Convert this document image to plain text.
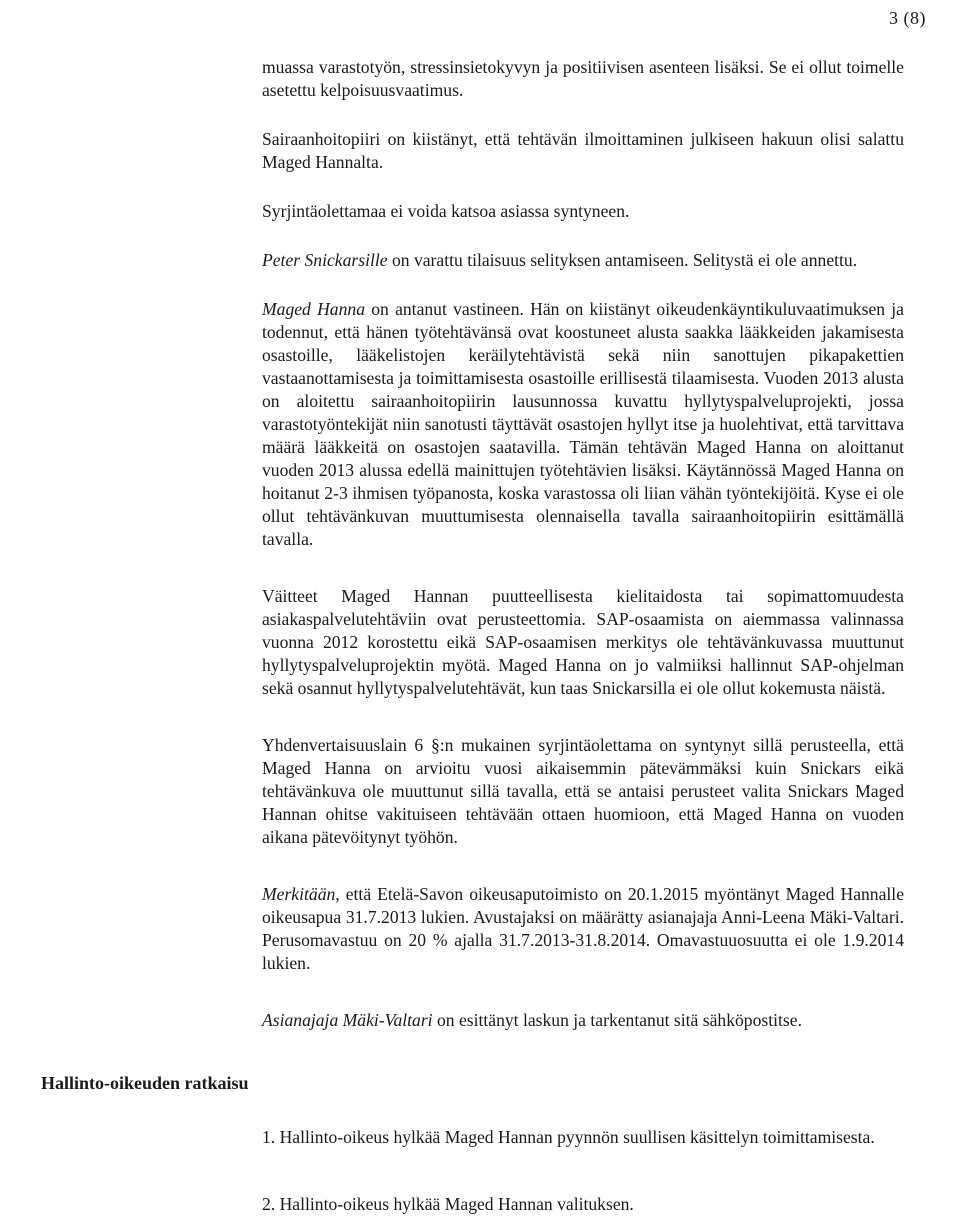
3 (8)

muassa varastotyön, stressinsietokyvyn ja positiivisen asenteen lisäksi. Se ei ollut toimelle asetettu kelpoisuusvaatimus.

Sairaanhoitopiiri on kiistänyt, että tehtävän ilmoittaminen julkiseen hakuun olisi salattu Maged Hannalta.

Syrjintäolettamaa ei voida katsoa asiassa syntyneen.

Peter Snickarsille on varattu tilaisuus selityksen antamiseen. Selitystä ei ole annettu.

Maged Hanna on antanut vastineen. Hän on kiistänyt oikeudenkäyntikuluvaatimuksen ja todennut, että hänen työtehtävänsä ovat koostuneet alusta saakka lääkkeiden jakamisesta osastoille, lääkelistojen keräilytehtävistä sekä niin sanottujen pikapakettien vastaanottamisesta ja toimittamisesta osastoille erillisestä tilaamisesta. Vuoden 2013 alusta on aloitettu sairaanhoitopiirin lausunnossa kuvattu hyllytyspalveluprojekti, jossa varastotyöntekijät niin sanotusti täyttävät osastojen hyllyt itse ja huolehtivat, että tarvittava määrä lääkkeitä on osastojen saatavilla. Tämän tehtävän Maged Hanna on aloittanut vuoden 2013 alussa edellä mainittujen työtehtävien lisäksi. Käytännössä Maged Hanna on hoitanut 2-3 ihmisen työpanosta, koska varastossa oli liian vähän työntekijöitä. Kyse ei ole ollut tehtävänkuvan muuttumisesta olennaisella tavalla sairaanhoitopiirin esittämällä tavalla.

Väitteet Maged Hannan puutteellisesta kielitaidosta tai sopimattomuudesta asiakaspalvelutehtäviin ovat perusteettomia. SAP-osaamista on aiemmassa valinnassa vuonna 2012 korostettu eikä SAP-osaamisen merkitys ole tehtävänkuvassa muuttunut hyllytyspalveluprojektin myötä. Maged Hanna on jo valmiiksi hallinnut SAP-ohjelman sekä osannut hyllytyspalvelutehtävät, kun taas Snickarsilla ei ole ollut kokemusta näistä.

Yhdenvertaisuuslain 6 §:n mukainen syrjintäolettama on syntynyt sillä perusteella, että Maged Hanna on arvioitu vuosi aikaisemmin pätevämmäksi kuin Snickars eikä tehtävänkuva ole muuttunut sillä tavalla, että se antaisi perusteet valita Snickars Maged Hannan ohitse vakituiseen tehtävään ottaen huomioon, että Maged Hanna on vuoden aikana pätevöitynyt työhön.

Merkitään, että Etelä-Savon oikeusaputoimisto on 20.1.2015 myöntänyt Maged Hannalle oikeusapua 31.7.2013 lukien. Avustajaksi on määrätty asianajaja Anni-Leena Mäki-Valtari. Perusomavastuu on 20 % ajalla 31.7.2013-31.8.2014. Omavastuuosuutta ei ole 1.9.2014 lukien.

Asianajaja Mäki-Valtari on esittänyt laskun ja tarkentanut sitä sähköpostitse.

Hallinto-oikeuden ratkaisu

1. Hallinto-oikeus hylkää Maged Hannan pyynnön suullisen käsittelyn toimittamisesta.

2. Hallinto-oikeus hylkää Maged Hannan valituksen.
